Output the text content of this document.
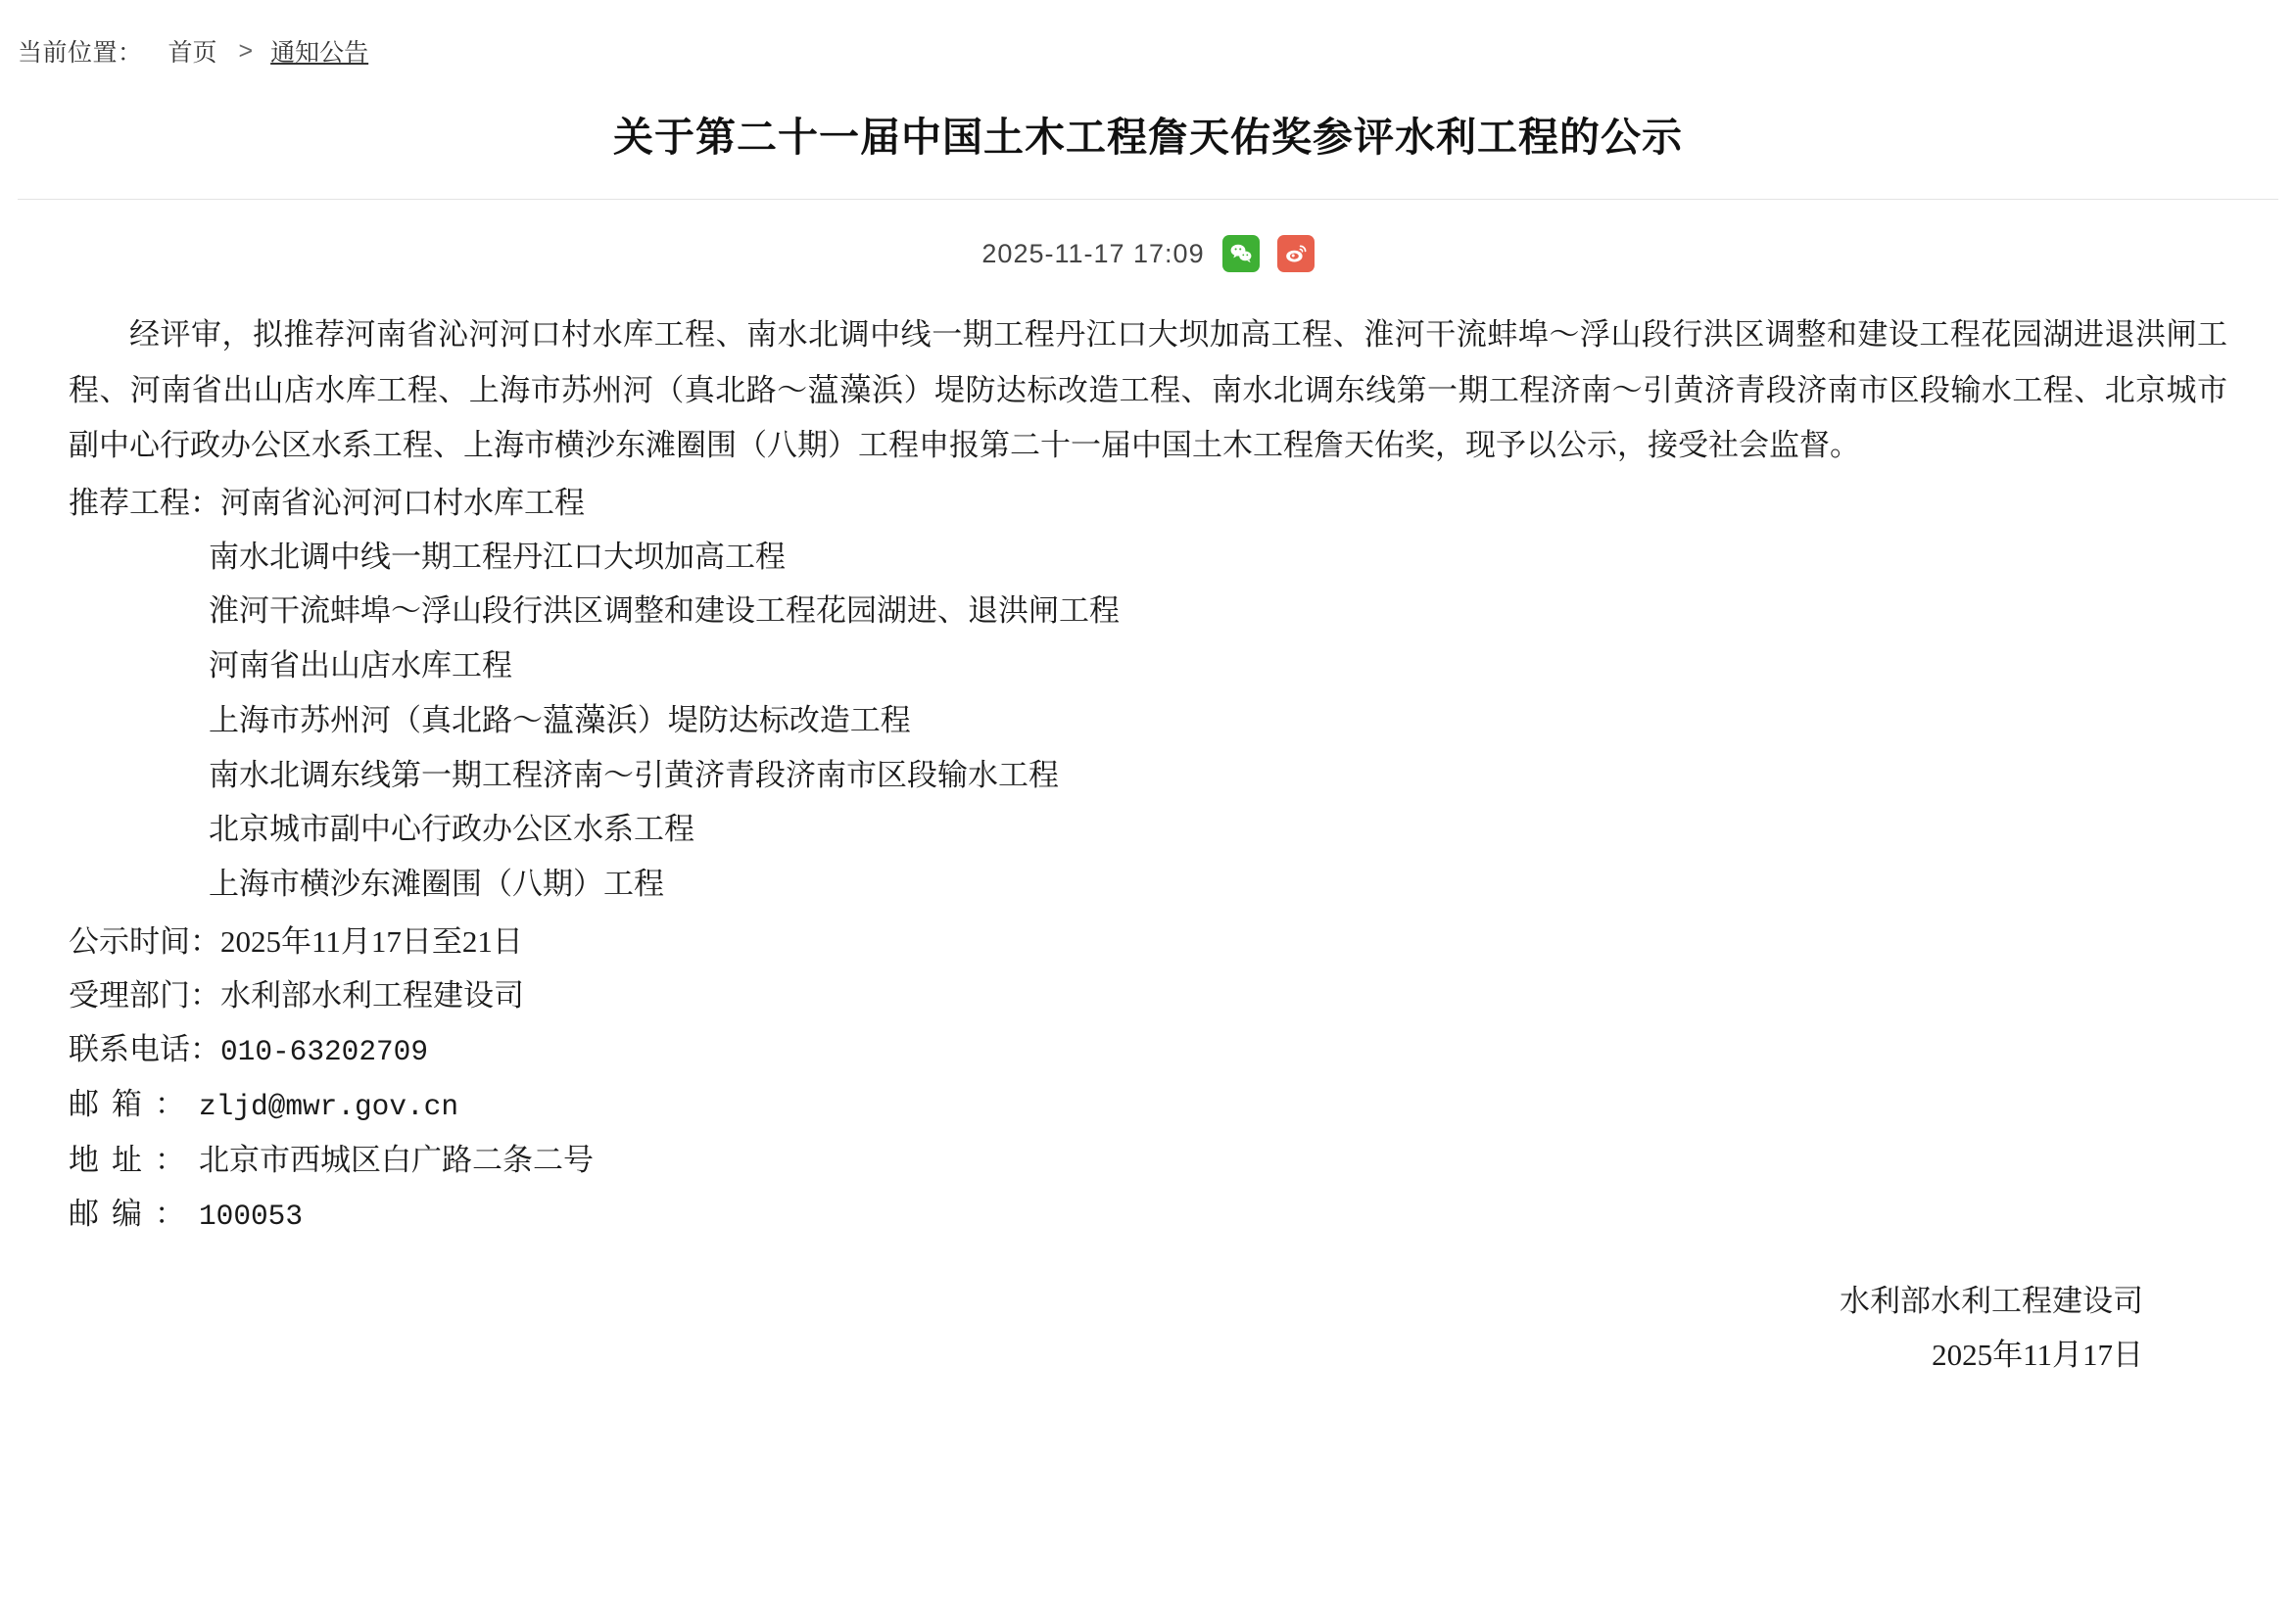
当前位置： 首页 > 通知公告
关于第二十一届中国土木工程詹天佑奖参评水利工程的公示
2025-11-17 17:09

经评审，拟推荐河南省沁河河口村水库工程、南水北调中线一期工程丹江口大坝加高工程、淮河干流蚌埠～浮山段行洪区调整和建设工程花园湖进退洪闸工程、河南省出山店水库工程、上海市苏州河（真北路～蕰藻浜）堤防达标改造工程、南水北调东线第一期工程济南～引黄济青段济南市区段输水工程、北京城市副中心行政办公区水系工程、上海市横沙东滩圈围（八期）工程申报第二十一届中国土木工程詹天佑奖，现予以公示，接受社会监督。

推荐工程： 河南省沁河河口村水库工程
南水北调中线一期工程丹江口大坝加高工程
淮河干流蚌埠～浮山段行洪区调整和建设工程花园湖进、退洪闸工程
河南省出山店水库工程
上海市苏州河（真北路～蕰藻浜）堤防达标改造工程
南水北调东线第一期工程济南～引黄济青段济南市区段输水工程
北京城市副中心行政办公区水系工程
上海市横沙东滩圈围（八期）工程
公示时间： 2025年11月17日至21日
受理部门： 水利部水利工程建设司
联系电话： 010-63202709
邮箱： zljd@mwr.gov.cn
地址： 北京市西城区白广路二条二号
邮编： 100053
水利部水利工程建设司
2025年11月17日
